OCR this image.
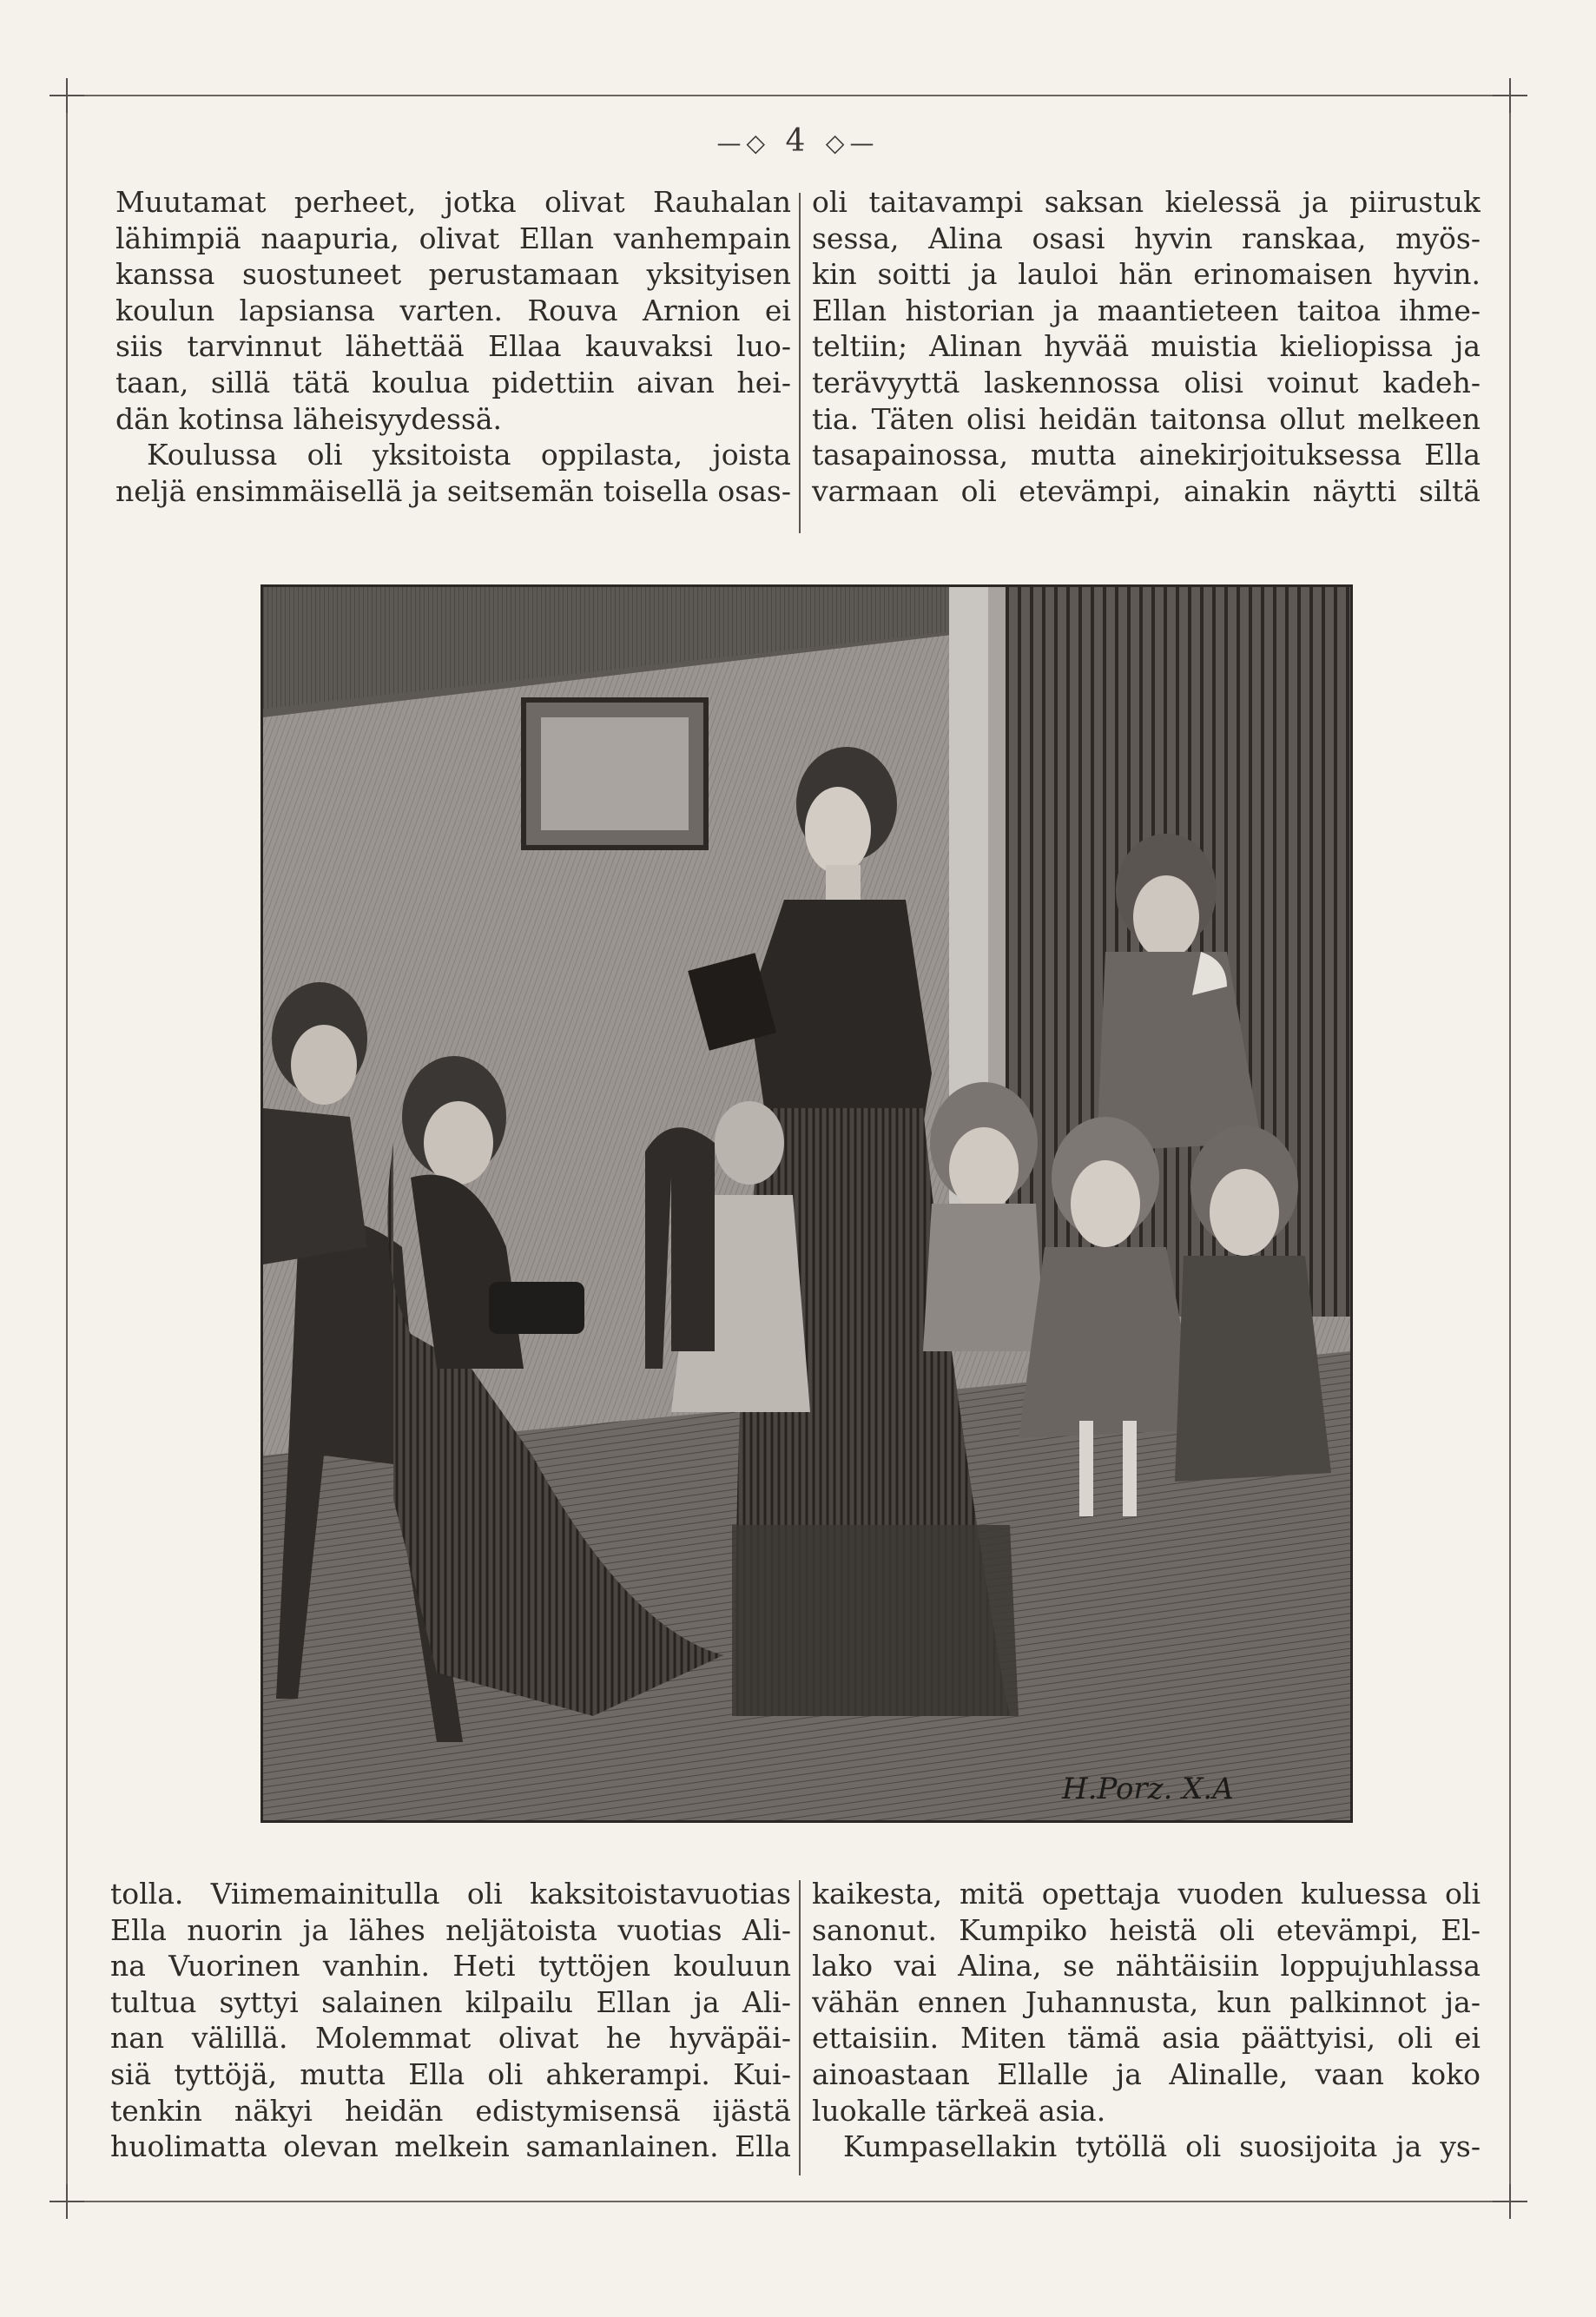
—◇ 4 ◇—
Muutamat perheet, jotka olivat Rauhalan
lähimpiä naapuria, olivat Ellan vanhempain
kanssa suostuneet perustamaan yksityisen
koulun lapsiansa varten. Rouva Arnion ei
siis tarvinnut lähettää Ellaa kauvaksi luo-
taan, sillä tätä koulua pidettiin aivan hei-
dän kotinsa läheisyydessä.
Koulussa oli yksitoista oppilasta, joista
neljä ensimmäisellä ja seitsemän toisella osas-
oli taitavampi saksan kielessä ja piirustuk
sessa, Alina osasi hyvin ranskaa, myös-
kin soitti ja lauloi hän erinomaisen hyvin.
Ellan historian ja maantieteen taitoa ihme-
teltiin; Alinan hyvää muistia kieliopissa ja
terävyyttä laskennossa olisi voinut kadeh-
tia. Täten olisi heidän taitonsa ollut melkeen
tasapainossa, mutta ainekirjoituksessa Ella
varmaan oli etevämpi, ainakin näytti siltä
H.Porz. X.A
tolla. Viimemainitulla oli kaksitoistavuotias
Ella nuorin ja lähes neljätoista vuotias Ali-
na Vuorinen vanhin. Heti tyttöjen kouluun
tultua syttyi salainen kilpailu Ellan ja Ali-
nan välillä. Molemmat olivat he hyväpäi-
siä tyttöjä, mutta Ella oli ahkerampi. Kui-
tenkin näkyi heidän edistymisensä ijästä
huolimatta olevan melkein samanlainen. Ella
kaikesta, mitä opettaja vuoden kuluessa oli
sanonut. Kumpiko heistä oli etevämpi, El-
lako vai Alina, se nähtäisiin loppujuhlassa
vähän ennen Juhannusta, kun palkinnot ja-
ettaisiin. Miten tämä asia päättyisi, oli ei
ainoastaan Ellalle ja Alinalle, vaan koko
luokalle tärkeä asia.
Kumpasellakin tytöllä oli suosijoita ja ys-
